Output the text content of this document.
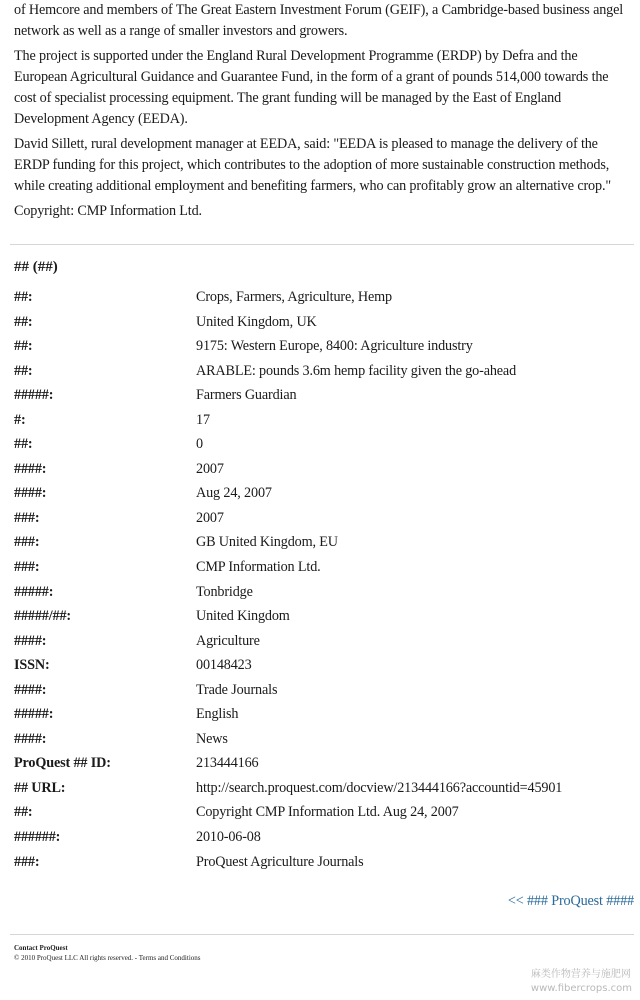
of Hemcore and members of The Great Eastern Investment Forum (GEIF), a Cambridge-based business angel network as well as a range of smaller investors and growers.

The project is supported under the England Rural Development Programme (ERDP) by Defra and the European Agricultural Guidance and Guarantee Fund, in the form of a grant of pounds 514,000 towards the cost of specialist processing equipment. The grant funding will be managed by the East of England Development Agency (EEDA).

David Sillett, rural development manager at EEDA, said: "EEDA is pleased to manage the delivery of the ERDP funding for this project, which contributes to the adoption of more sustainable construction methods, while creating additional employment and benefiting farmers, who can profitably grow an alternative crop."

Copyright: CMP Information Ltd.

## (##)
##:	Crops, Farmers, Agriculture, Hemp
##:	United Kingdom, UK
##:	9175: Western Europe, 8400: Agriculture industry
##:	ARABLE: pounds 3.6m hemp facility given the go-ahead
#####:	Farmers Guardian
#:	17
##:	0
####:	2007
####:	Aug 24, 2007
###:	2007
###:	GB United Kingdom, EU
###:	CMP Information Ltd.
#####:	Tonbridge
#####/##:	United Kingdom
####:	Agriculture
ISSN:	00148423
####:	Trade Journals
#####:	English
####:	News
ProQuest ## ID:	213444166
## URL:	http://search.proquest.com/docview/213444166?accountid=45901
##:	Copyright CMP Information Ltd. Aug 24, 2007
######:	2010-06-08
###:	ProQuest Agriculture Journals
<< ### ProQuest ####
Contact ProQuest
© 2010 ProQuest LLC All rights reserved. - Terms and Conditions
麻类作物营养与施肥网
www.fibercrops.com
